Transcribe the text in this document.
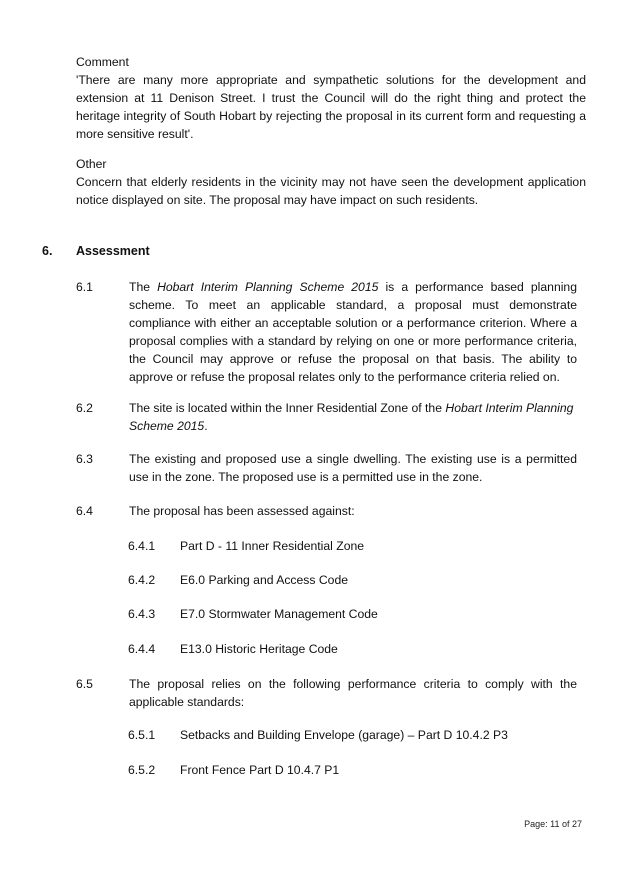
Comment

'There are many more appropriate and sympathetic solutions for the development and extension at 11 Denison Street. I trust the Council will do the right thing and protect the heritage integrity of South Hobart by rejecting the proposal in its current form and requesting a more sensitive result'.

Other

Concern that elderly residents in the vicinity may not have seen the development application notice displayed on site. The proposal may have impact on such residents.

6. Assessment
6.1	The Hobart Interim Planning Scheme 2015 is a performance based planning scheme. To meet an applicable standard, a proposal must demonstrate compliance with either an acceptable solution or a performance criterion. Where a proposal complies with a standard by relying on one or more performance criteria, the Council may approve or refuse the proposal on that basis. The ability to approve or refuse the proposal relates only to the performance criteria relied on.
6.2	The site is located within the Inner Residential Zone of the Hobart Interim Planning Scheme 2015.
6.3	The existing and proposed use a single dwelling. The existing use is a permitted use in the zone. The proposed use is a permitted use in the zone.
6.4	The proposal has been assessed against:
6.4.1 Part D - 11 Inner Residential Zone
6.4.2 E6.0 Parking and Access Code
6.4.3 E7.0 Stormwater Management Code
6.4.4 E13.0 Historic Heritage Code
6.5	The proposal relies on the following performance criteria to comply with the applicable standards:
6.5.1 Setbacks and Building Envelope (garage) – Part D 10.4.2 P3
6.5.2 Front Fence Part D 10.4.7 P1
Page: 11 of 27
